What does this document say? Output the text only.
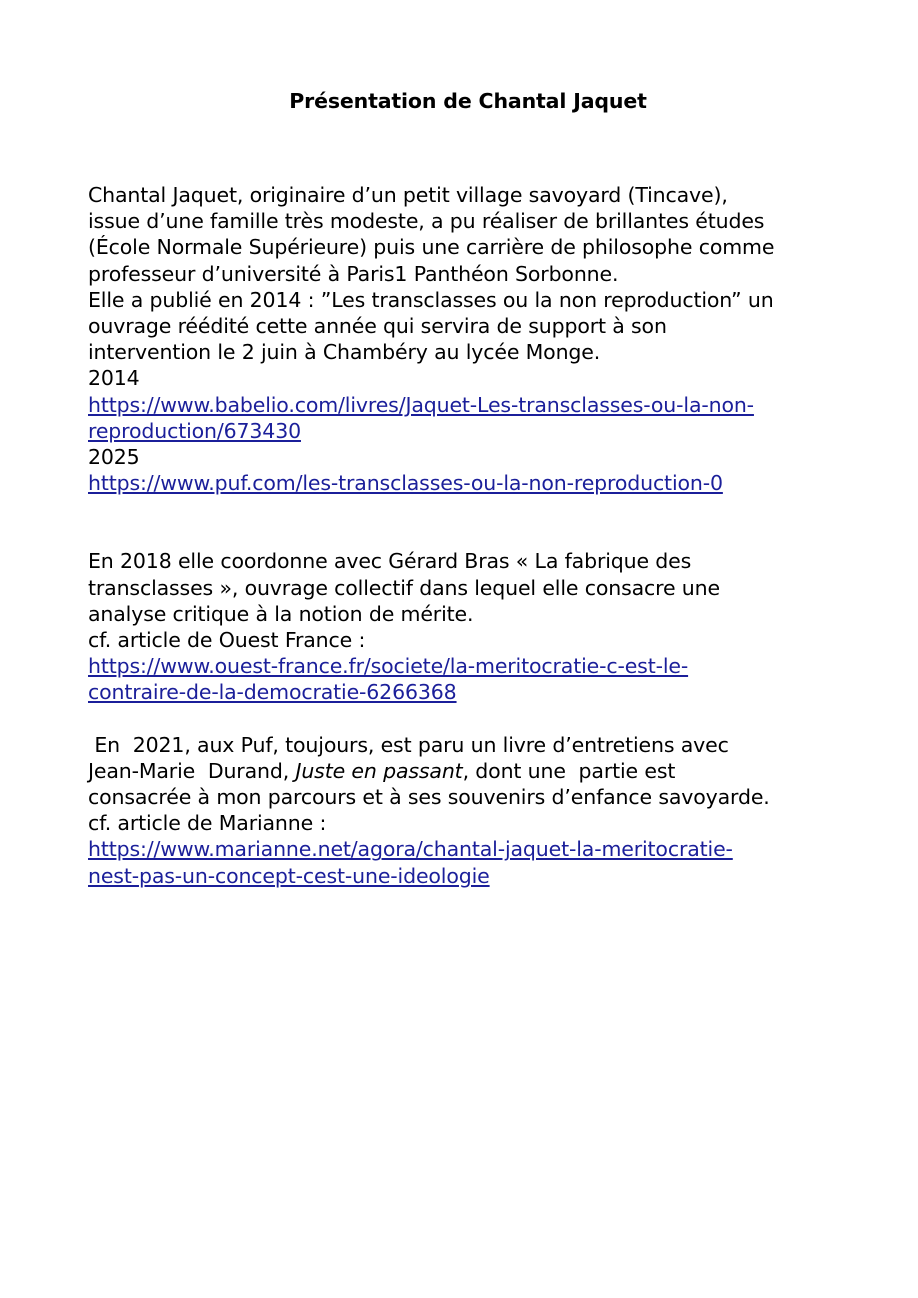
Présentation de Chantal Jaquet

Chantal Jaquet, originaire d’un petit village savoyard (Tincave),

issue d’une famille très modeste, a pu réaliser de brillantes études

(École Normale Supérieure) puis une carrière de philosophe comme

professeur d’université à Paris1 Panthéon Sorbonne.

Elle a publié en 2014 : ”Les transclasses ou la non reproduction” un

ouvrage réédité cette année qui servira de support à son

intervention le 2 juin à Chambéry au lycée Monge.

2014

https://www.babelio.com/livres/Jaquet-Les-transclasses-ou-la-non-
reproduction/673430

2025

https://www.puf.com/les-transclasses-ou-la-non-reproduction-0

En 2018 elle coordonne avec Gérard Bras « La fabrique des

transclasses », ouvrage collectif dans lequel elle consacre une

analyse critique à la notion de mérite.

cf. article de Ouest France :

https://www.ouest-france.fr/societe/la-meritocratie-c-est-le-
contraire-de-la-democratie-6266368

En  2021, aux Puf, toujours, est paru un livre d’entretiens avec

Jean-Marie  Durand, Juste en passant, dont une  partie est

consacrée à mon parcours et à ses souvenirs d’enfance savoyarde.

cf. article de Marianne :

https://www.marianne.net/agora/chantal-jaquet-la-meritocratie-
nest-pas-un-concept-cest-une-ideologie
